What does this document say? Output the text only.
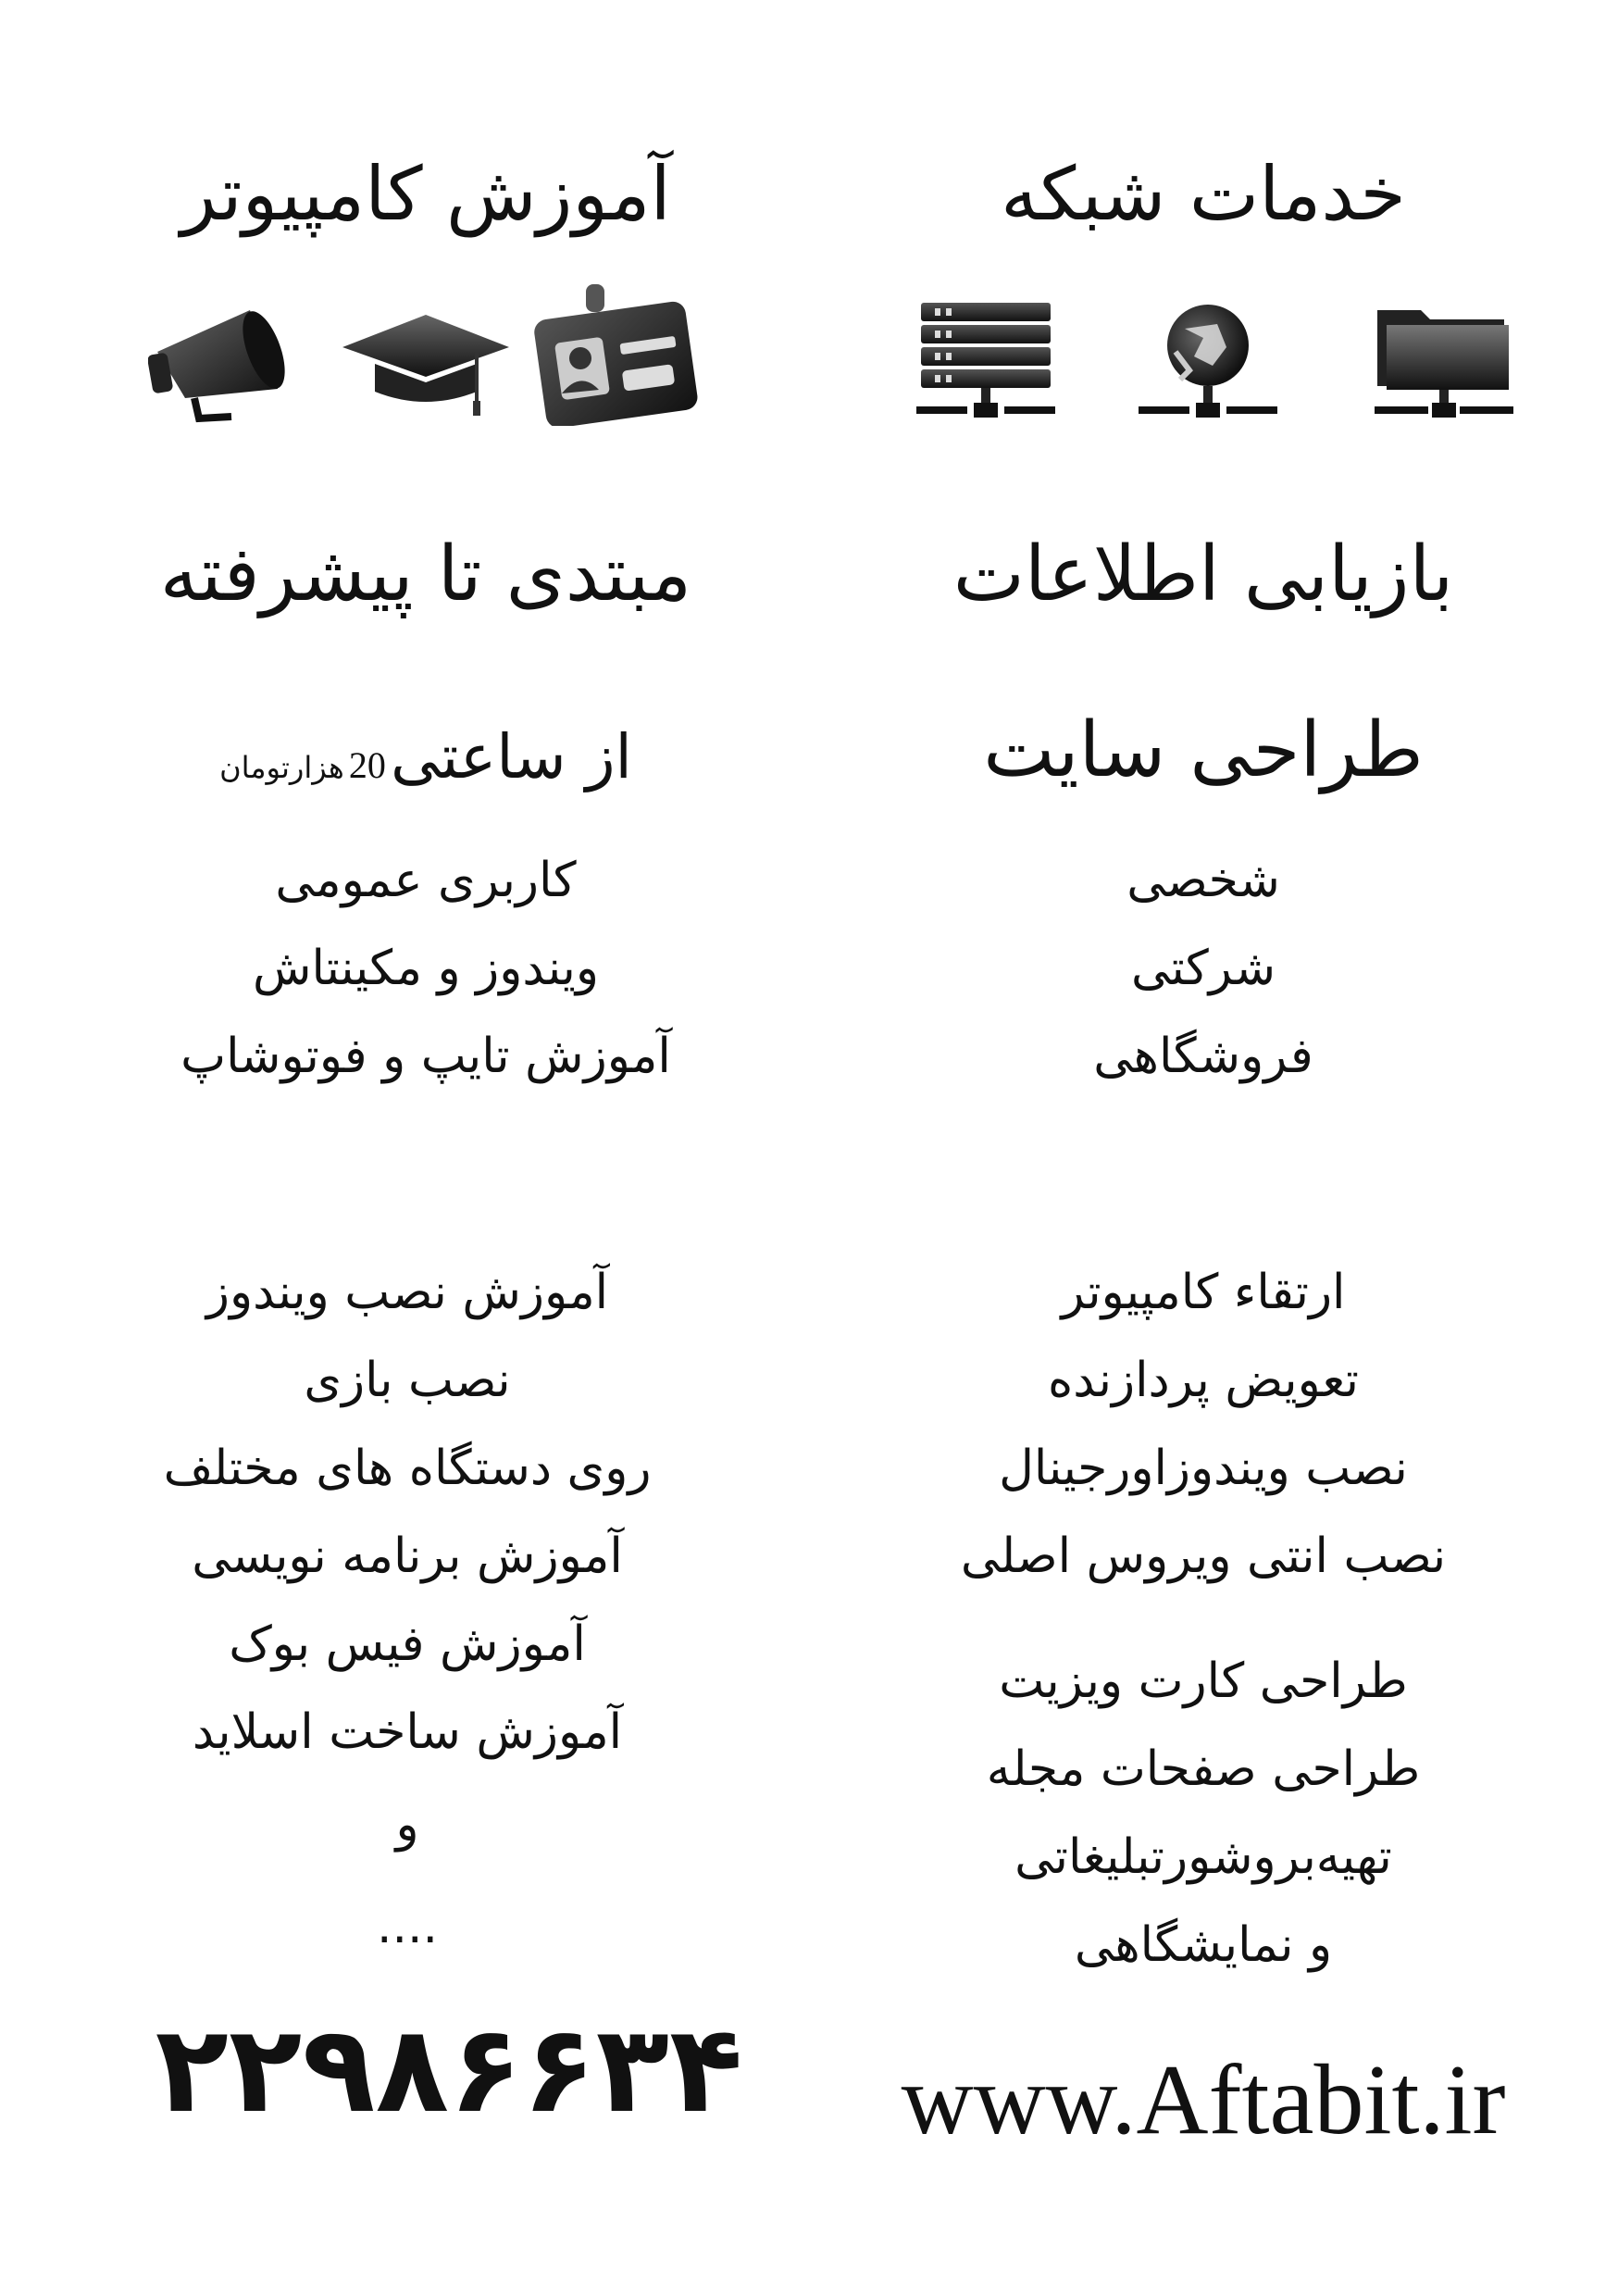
خدمات شبکه
بازیابی اطلاعات
طراحی سایت
شخصی
شرکتی
فروشگاهی
ارتقاء کامپیوتر
تعویض پردازنده
نصب ویندوزاورجینال
نصب انتی ویروس اصلی
طراحی کارت ویزیت
طراحی صفحات مجله
تهیه‌بروشورتبلیغاتی
و نمایشگاهی
www.Aftabit.ir
آموزش کامپیوتر
مبتدی تا پیشرفته
از ساعتی 20 هزارتومان
کاربری عمومی
ویندوز و مکینتاش
آموزش تایپ و فوتوشاپ
آموزش نصب ویندوز
نصب بازی
روی دستگاه های مختلف
آموزش برنامه نویسی
آموزش فیس بوک
آموزش ساخت اسلاید
و
....
۲۲۹۸۶۶۳۴
